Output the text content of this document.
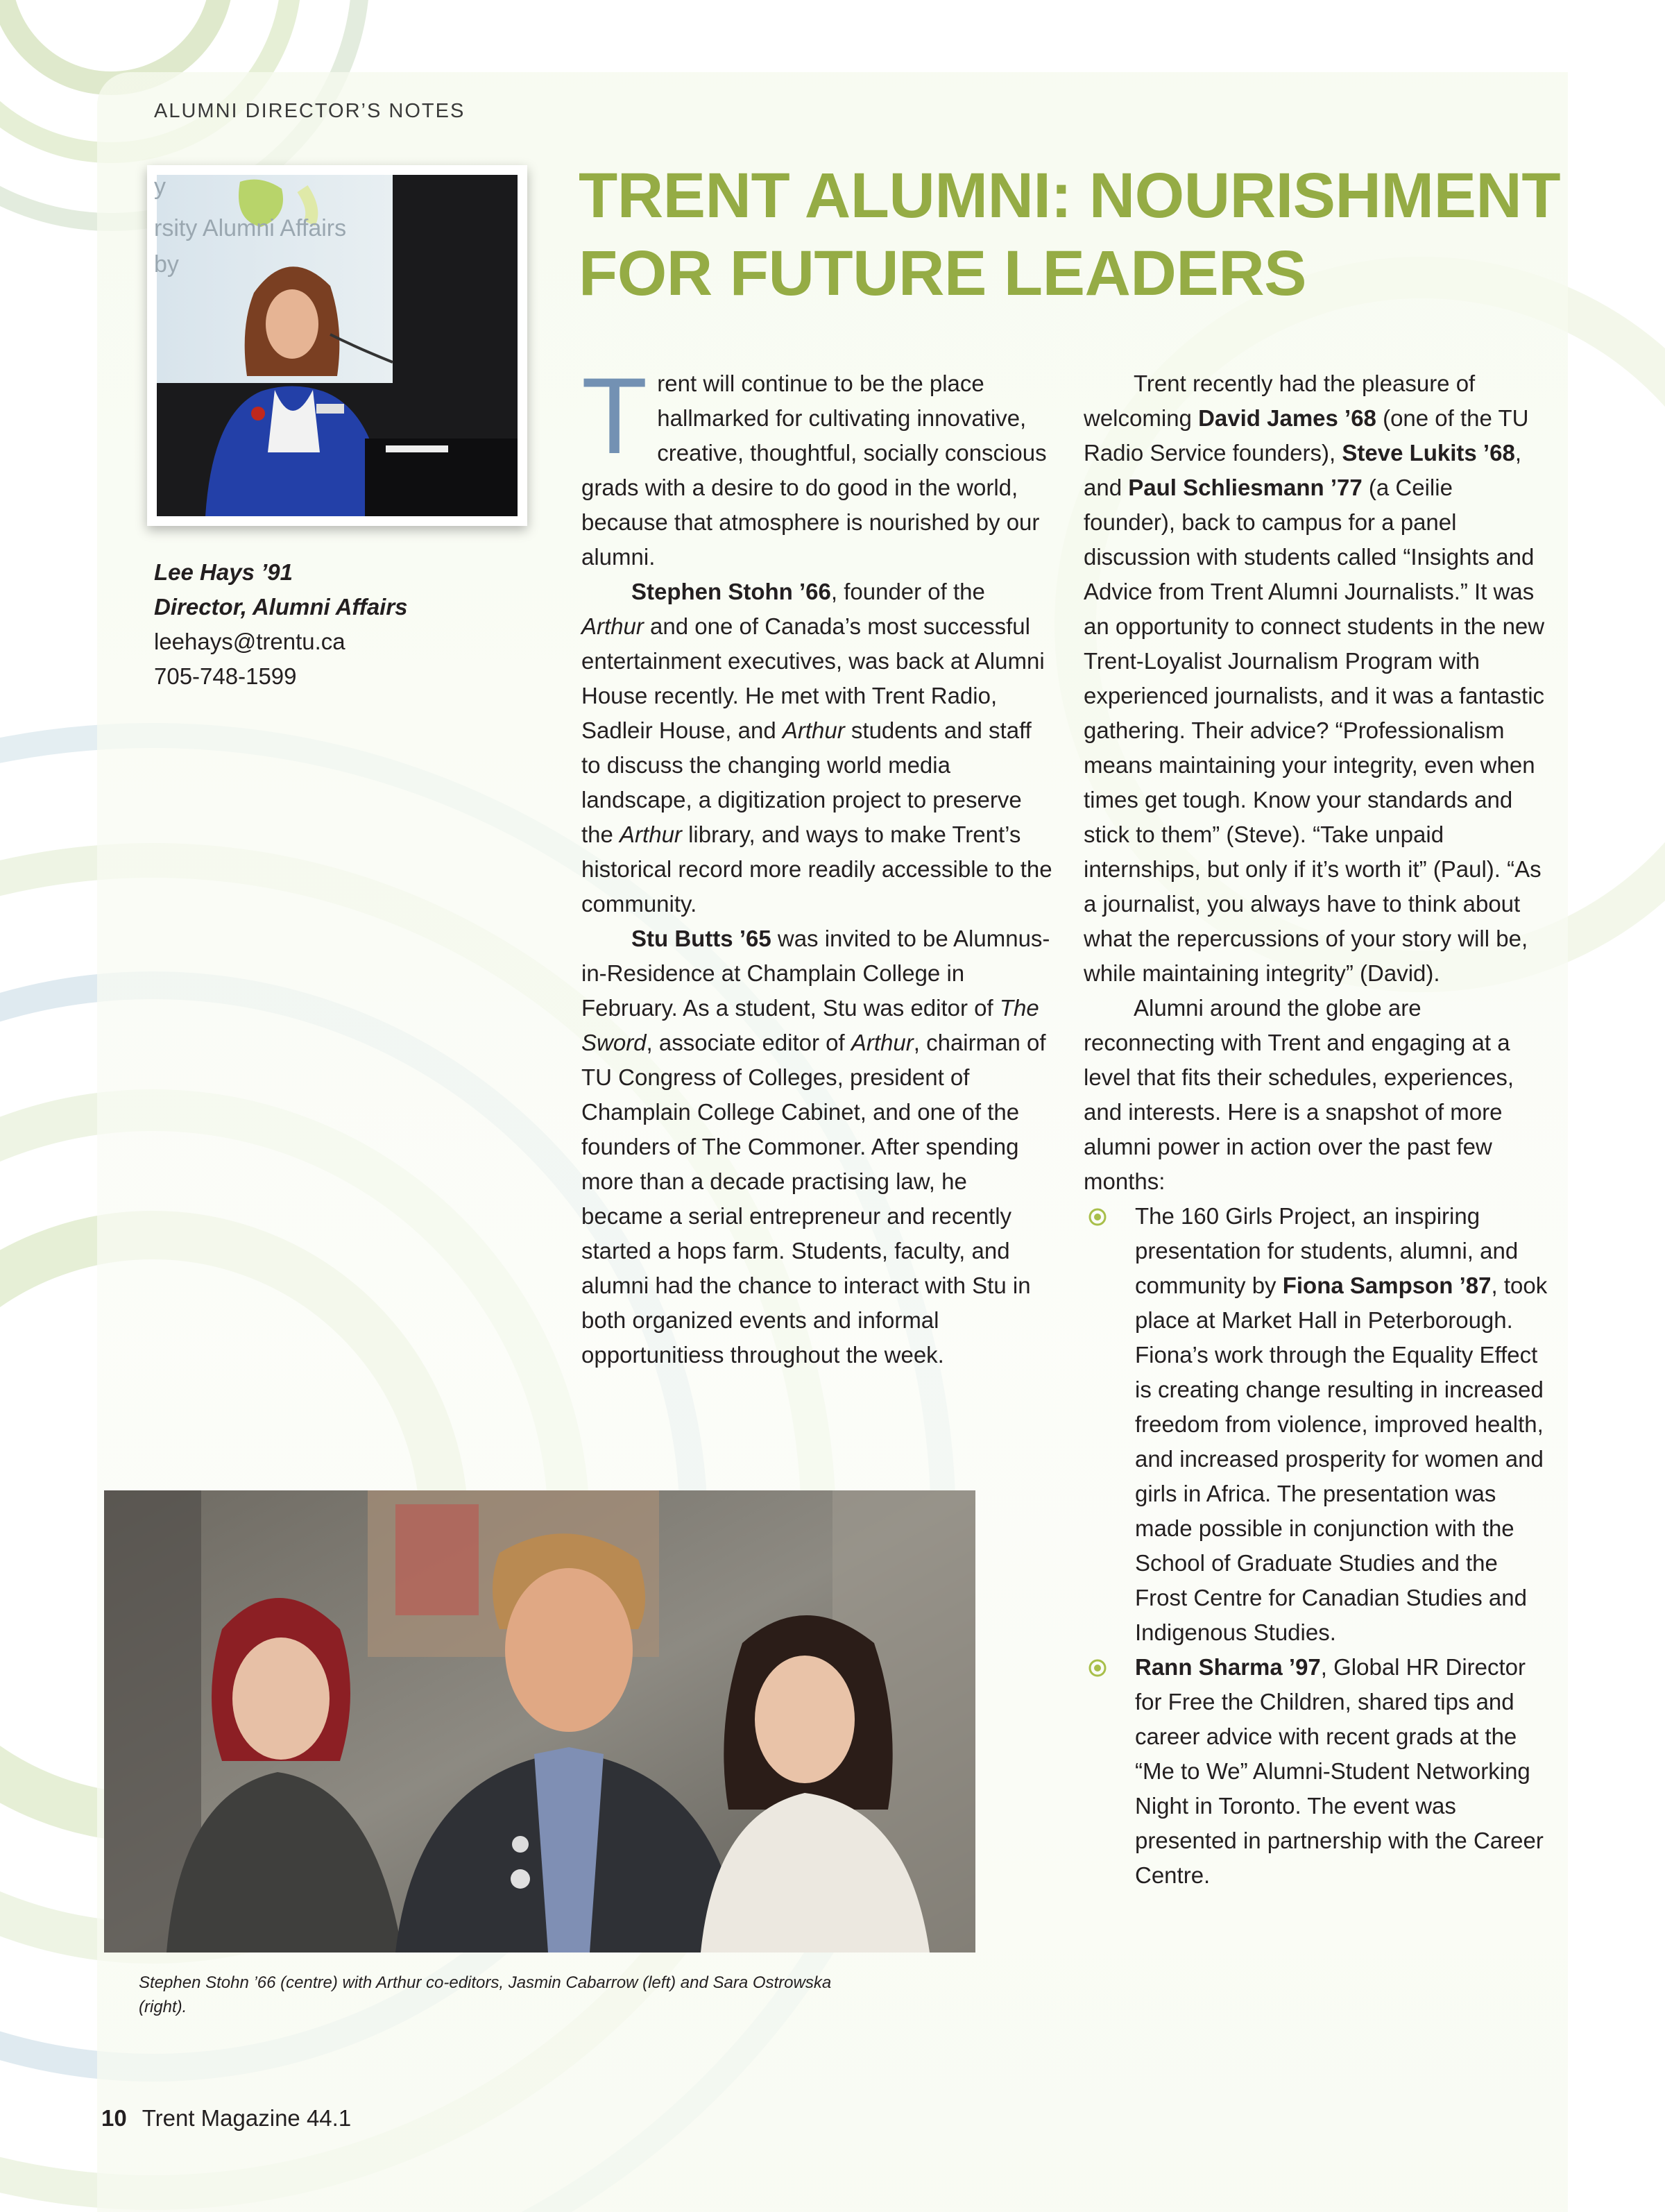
ALUMNI DIRECTOR’S NOTES
TRENT ALUMNI: NOURISHMENT
FOR FUTURE LEADERS
y
rsity Alumni Affairs
by
Lee Hays ’91
Director, Alumni Affairs
leehays@trentu.ca
705-748-1599

Trent will continue to be the place hallmarked for cultivating innovative, creative, thoughtful, socially conscious grads with a desire to do good in the world, because that atmosphere is nourished by our alumni.

Stephen Stohn ’66, founder of the Arthur and one of Canada’s most successful entertainment executives, was back at Alumni House recently. He met with Trent Radio, Sadleir House, and Arthur students and staff to discuss the changing world media landscape, a digitization project to preserve the Arthur library, and ways to make Trent’s historical record more readily accessible to the community.

Stu Butts ’65 was invited to be Alumnus-in-Residence at Champlain College in February. As a student, Stu was editor of The Sword, associate editor of Arthur, chairman of TU Congress of Colleges, president of Champlain College Cabinet, and one of the founders of The Commoner. After spending more than a decade practising law, he became a serial entrepreneur and recently started a hops farm. Students, faculty, and alumni had the chance to interact with Stu in both organized events and informal opportunitiess throughout the week.

Trent recently had the pleasure of welcoming David James ’68 (one of the TU Radio Service founders), Steve Lukits ’68, and Paul Schliesmann ’77 (a Ceilie founder), back to campus for a panel discussion with students called “Insights and Advice from Trent Alumni Journalists.” It was an opportunity to connect students in the new Trent-Loyalist Journalism Program with experienced journalists, and it was a fantastic gathering. Their advice? “Professionalism means maintaining your integrity, even when times get tough. Know your standards and stick to them” (Steve). “Take unpaid internships, but only if it’s worth it” (Paul). “As a journalist, you always have to think about what the repercussions of your story will be, while maintaining integrity” (David).

Alumni around the globe are reconnecting with Trent and engaging at a level that fits their schedules, experiences, and interests. Here is a snapshot of more alumni power in action over the past few months:

The 160 Girls Project, an inspiring presentation for students, alumni, and community by Fiona Sampson ’87, took place at Market Hall in Peterborough. Fiona’s work through the Equality Effect is creating change resulting in increased freedom from violence, improved health, and increased prosperity for women and girls in Africa. The presentation was made possible in conjunction with the School of Graduate Studies and the Frost Centre for Canadian Studies and Indigenous Studies.
Rann Sharma ’97, Global HR Director for Free the Children, shared tips and career advice with recent grads at the “Me to We” Alumni-Student Networking Night in Toronto. The event was presented in partnership with the Career Centre.
Stephen Stohn ’66 (centre) with Arthur co-editors, Jasmin Cabarrow (left) and Sara Ostrowska (right).
10 Trent Magazine 44.1
